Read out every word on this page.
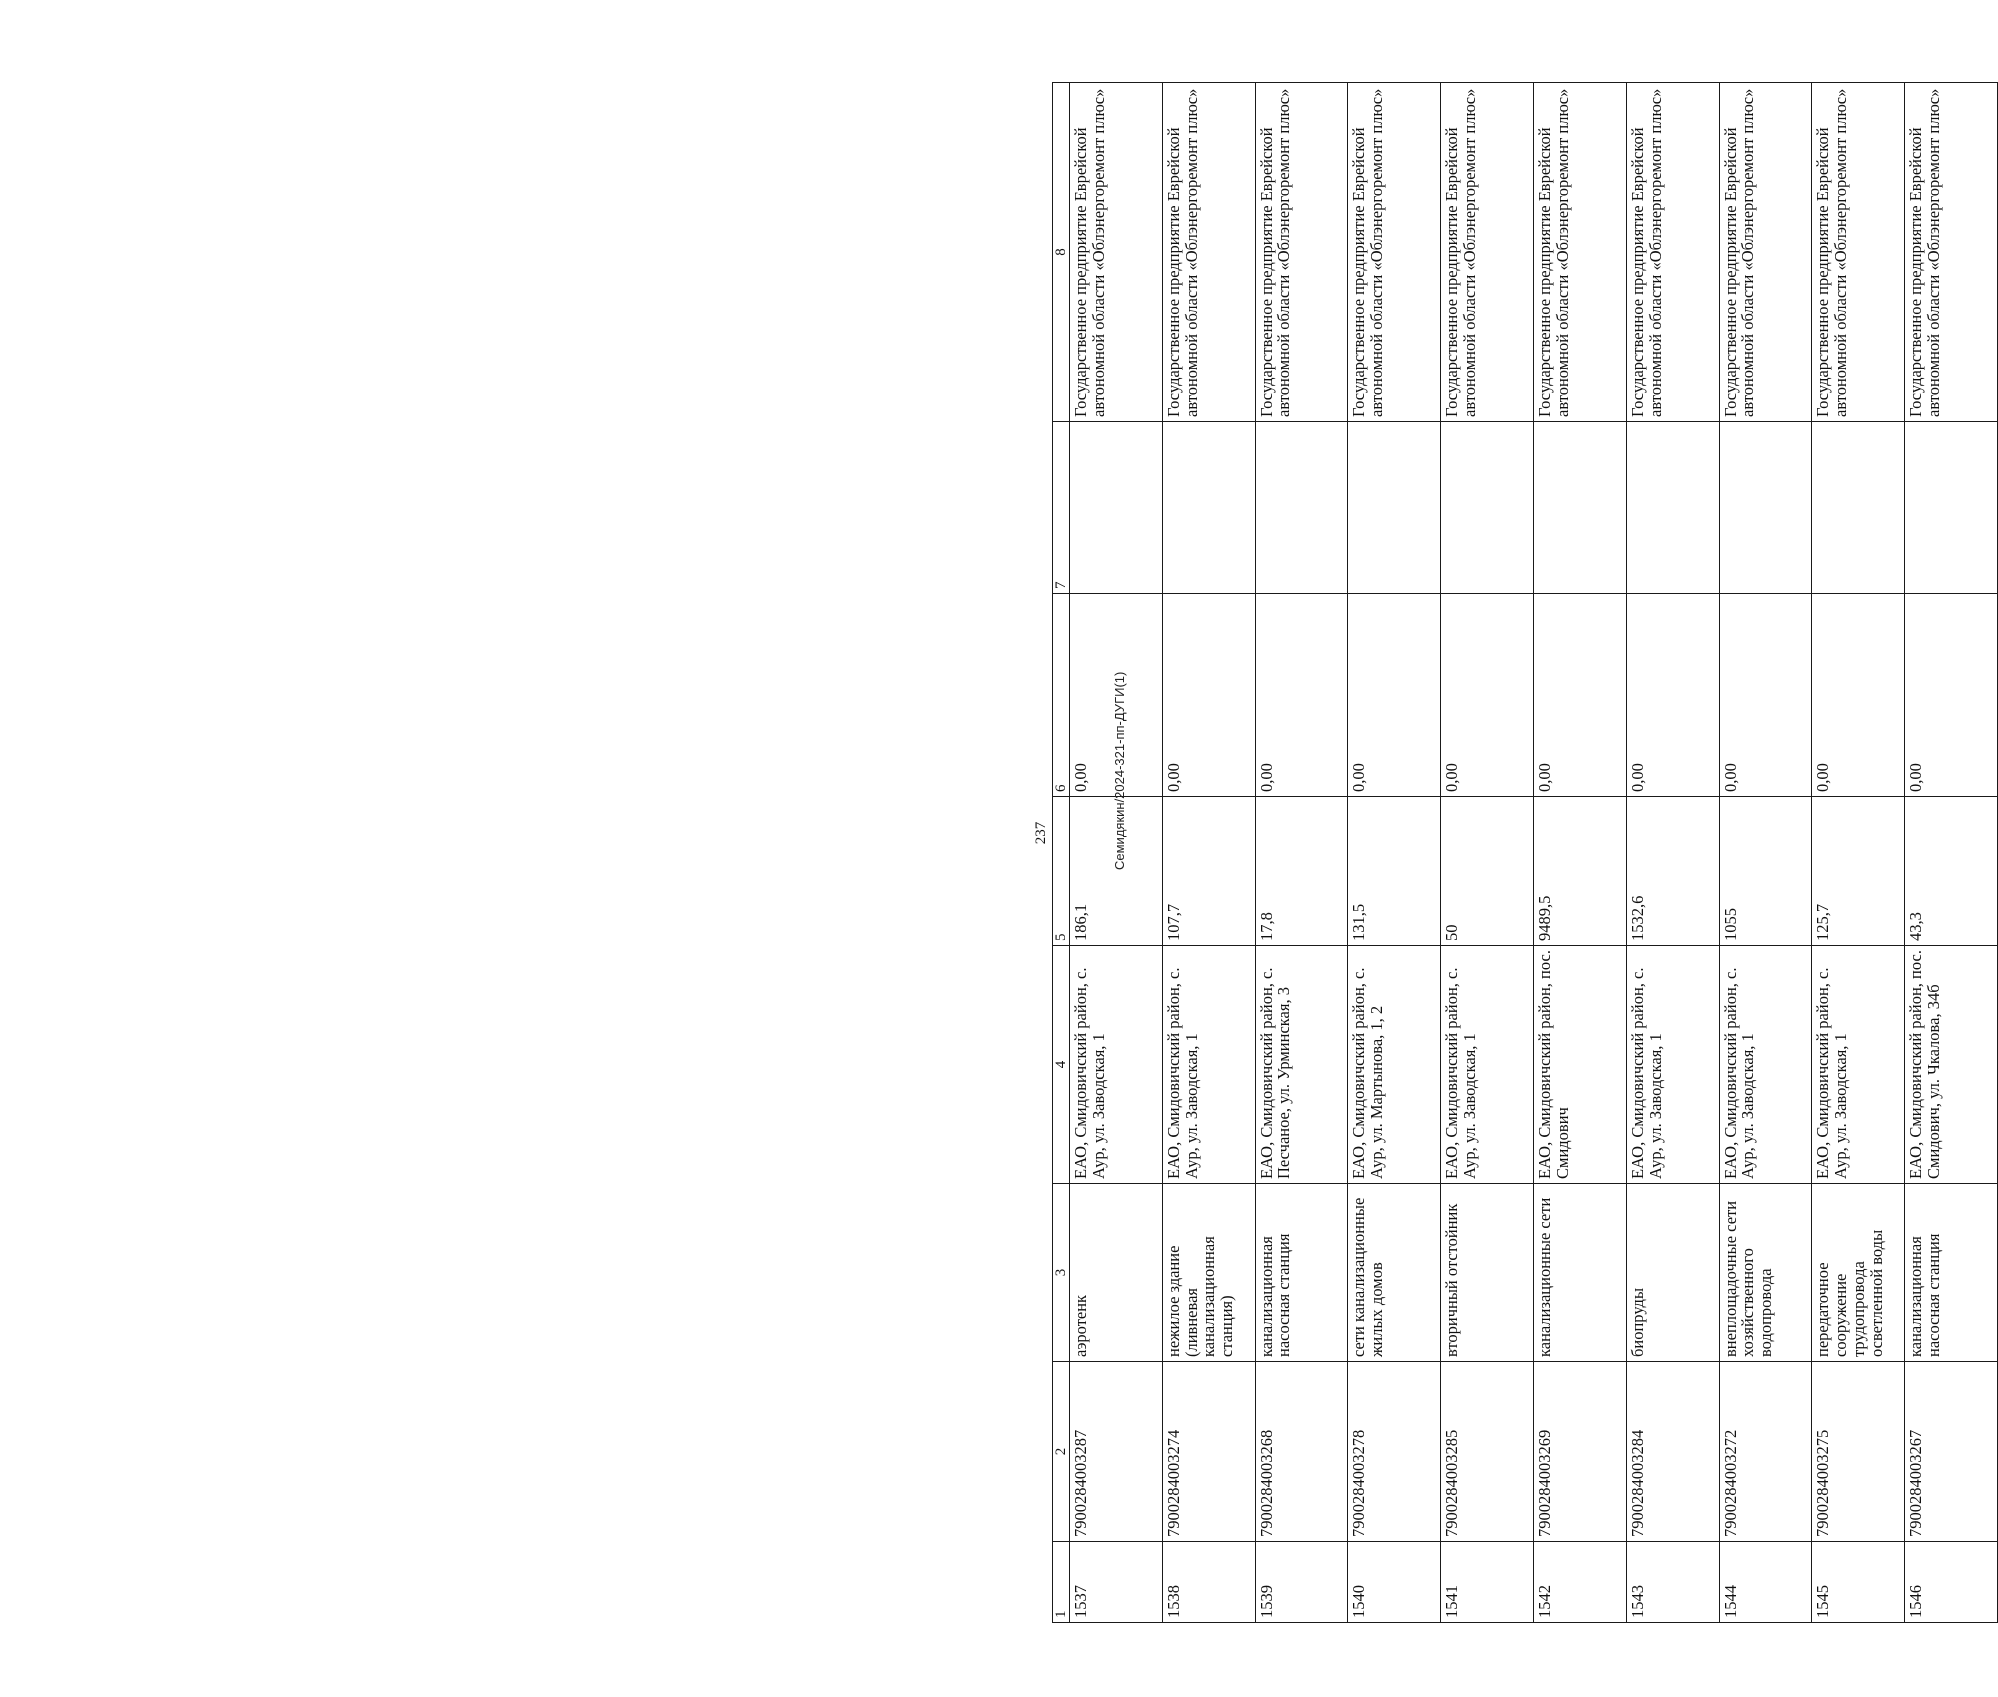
237
1	2	3	4	5	6	7	8
1537	7900284003287	аэротенк	ЕАО, Смидовичский район, с. Аур, ул. Заводская, 1	186,1	0,00		Государственное предприятие Еврейской автономной области «Облэнергоремонт плюс»
1538	7900284003274	нежилое здание (ливневая канализационная станция)	ЕАО, Смидовичский район, с. Аур, ул. Заводская, 1	107,7	0,00		Государственное предприятие Еврейской автономной области «Облэнергоремонт плюс»
1539	7900284003268	канализационная насосная станция	ЕАО, Смидовичский район, с. Песчаное, ул. Урминская, 3	17,8	0,00		Государственное предприятие Еврейской автономной области «Облэнергоремонт плюс»
1540	7900284003278	сети канализационные жилых домов	ЕАО, Смидовичский район, с. Аур, ул. Мартынова, 1, 2	131,5	0,00		Государственное предприятие Еврейской автономной области «Облэнергоремонт плюс»
1541	7900284003285	вторичный отстойник	ЕАО, Смидовичский район, с. Аур, ул. Заводская, 1	50	0,00		Государственное предприятие Еврейской автономной области «Облэнергоремонт плюс»
1542	7900284003269	канализационные сети	ЕАО, Смидовичский район, пос. Смидович	9489,5	0,00		Государственное предприятие Еврейской автономной области «Облэнергоремонт плюс»
1543	7900284003284	биопруды	ЕАО, Смидовичский район, с. Аур, ул. Заводская, 1	1532,6	0,00		Государственное предприятие Еврейской автономной области «Облэнергоремонт плюс»
1544	7900284003272	внеплощадочные сети хозяйственного водопровода	ЕАО, Смидовичский район, с. Аур, ул. Заводская, 1	1055	0,00		Государственное предприятие Еврейской автономной области «Облэнергоремонт плюс»
1545	7900284003275	передаточное сооружение трудопровода осветленной воды	ЕАО, Смидовичский район, с. Аур, ул. Заводская, 1	125,7	0,00		Государственное предприятие Еврейской автономной области «Облэнергоремонт плюс»
1546	7900284003267	канализационная насосная станция	ЕАО, Смидовичский район, пос. Смидович, ул. Чкалова, 34б	43,3	0,00		Государственное предприятие Еврейской автономной области «Облэнергоремонт плюс»
Семидякин/2024-321-пп-ДУГИ(1)
